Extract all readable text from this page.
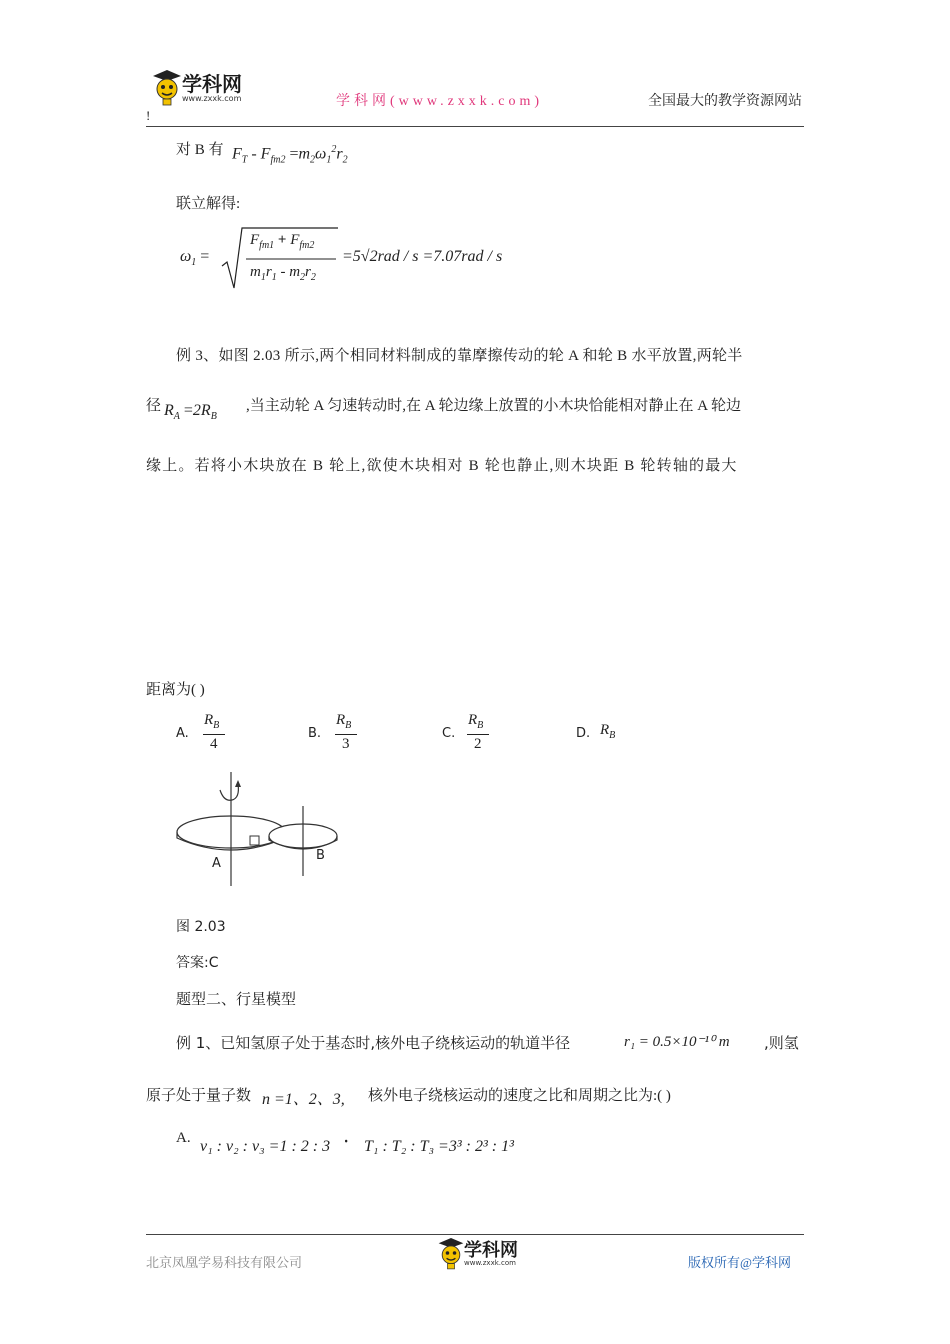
学科网
www.zxxk.com	学科网(www.zxxk.com)	全国最大的教学资源网站
!
对 B 有 $F_T - F_{fm2} =m_2\omega_1^2r_2$
联立解得:
$\omega_1$ =
$F_{fm1} + F_{fm2}$
$m_1r_1 - m_2r_2$
=5√2rad / s =7.07rad / s
例 3、如图 2.03 所示,两个相同材料制成的靠摩擦传动的轮 A 和轮 B 水平放置,两轮半
径 $R_A =2R_B$
,当主动轮 A 匀速转动时,在 A 轮边缘上放置的小木块恰能相对静止在 A 轮边
缘上。若将小木块放在 B 轮上,欲使木块相对 B 轮也静止,则木块距 B 轮转轴的最大
距离为( )
A.
$R_B$
4
B.
$R_B$
3
C.
$R_B$
2
D. $R_B$
A
B
图 2.03
答案:C
题型二、行星模型
例 1、已知氢原子处于基态时,核外电子绕核运动的轨道半径	r₁ = 0.5×10⁻¹⁰ m ,则氢
原子处于量子数 n =1、2、3, 核外电子绕核运动的速度之比和周期之比为:( )
A. v₁ : v₂ : v₃ =1 : 2 : 3 ꞏ T₁ : T₂ : T₃ =3³ : 2³ : 1³
北京凤凰学易科技有限公司
学科网
www.zxxk.com	版权所有@学科网
